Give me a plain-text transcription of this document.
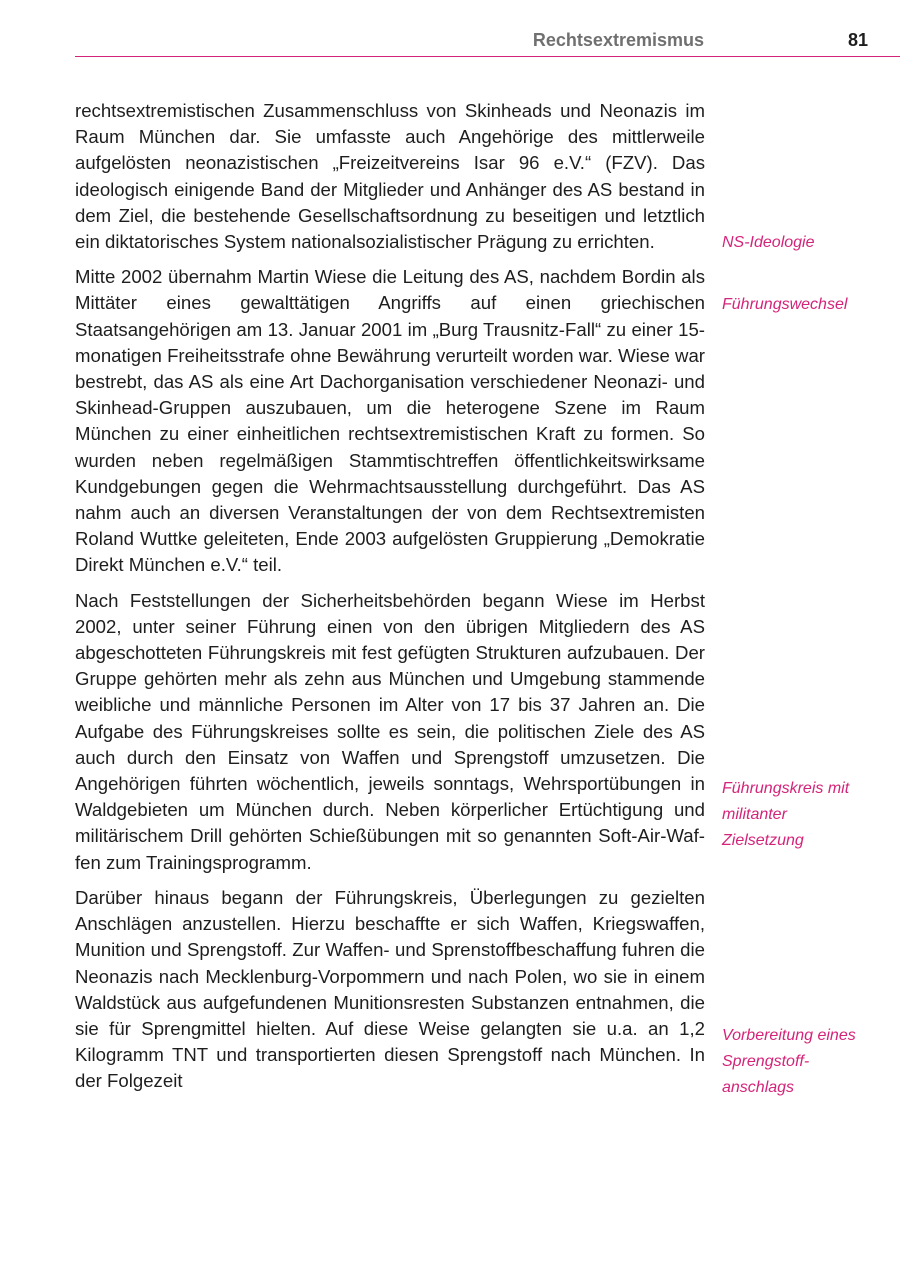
Rechtsextremismus	81

rechtsextremistischen Zusammenschluss von Skinheads und Neonazis im Raum München dar. Sie umfasste auch Angehörige des mittlerweile aufgelösten neonazistischen „Freizeitvereins Isar 96 e.V.“ (FZV). Das ideologisch einigende Band der Mitglieder und Anhänger des AS bestand in dem Ziel, die bestehende Gesellschaftsordnung zu beseitigen und letztlich ein diktatorisches System nationalsozialistischer Prägung zu errichten.

Mitte 2002 übernahm Martin Wiese die Leitung des AS, nachdem Bordin als Mittäter eines gewalttätigen Angriffs auf einen griechischen Staatsangehörigen am 13. Januar 2001 im „Burg Trausnitz-Fall“ zu einer 15-monatigen Freiheitsstrafe ohne Bewährung verurteilt worden war. Wiese war bestrebt, das AS als eine Art Dachorganisation verschiedener Neonazi- und Skinhead-Gruppen auszubauen, um die heterogene Szene im Raum München zu einer einheitlichen rechtsextremistischen Kraft zu formen. So wurden neben regelmäßigen Stammtischtreffen öffentlichkeitswirksame Kundgebungen gegen die Wehrmachtsausstellung durchgeführt. Das AS nahm auch an diversen Veranstaltungen der von dem Rechtsextremisten Roland Wuttke geleiteten, Ende 2003 aufgelösten Gruppierung „Demokratie Direkt München e.V.“ teil.

Nach Feststellungen der Sicherheitsbehörden begann Wiese im Herbst 2002, unter seiner Führung einen von den übrigen Mitgliedern des AS abgeschotteten Führungskreis mit fest gefügten Strukturen aufzubauen. Der Gruppe gehörten mehr als zehn aus München und Umgebung stammende weibliche und männliche Personen im Alter von 17 bis 37 Jahren an. Die Aufgabe des Führungskreises sollte es sein, die politischen Ziele des AS auch durch den Einsatz von Waffen und Sprengstoff umzusetzen. Die Angehörigen führten wöchentlich, jeweils sonntags, Wehrsportübungen in Waldgebieten um München durch. Neben körperlicher Ertüchtigung und militärischem Drill gehörten Schießübungen mit so genannten Soft-Air-Waffen zum Trainingsprogramm.

Darüber hinaus begann der Führungskreis, Überlegungen zu gezielten Anschlägen anzustellen. Hierzu beschaffte er sich Waffen, Kriegswaffen, Munition und Sprengstoff. Zur Waffen- und Sprenstoffbeschaffung fuhren die Neonazis nach Mecklenburg-Vorpommern und nach Polen, wo sie in einem Waldstück aus aufgefundenen Munitionsresten Substanzen entnahmen, die sie für Sprengmittel hielten. Auf diese Weise gelangten sie u.a. an 1,2 Kilogramm TNT und transportierten diesen Sprengstoff nach München. In der Folgezeit

NS-Ideologie
Führungswechsel
Führungskreis mit militanter Zielsetzung
Vorbereitung eines Sprengstoffanschlags
